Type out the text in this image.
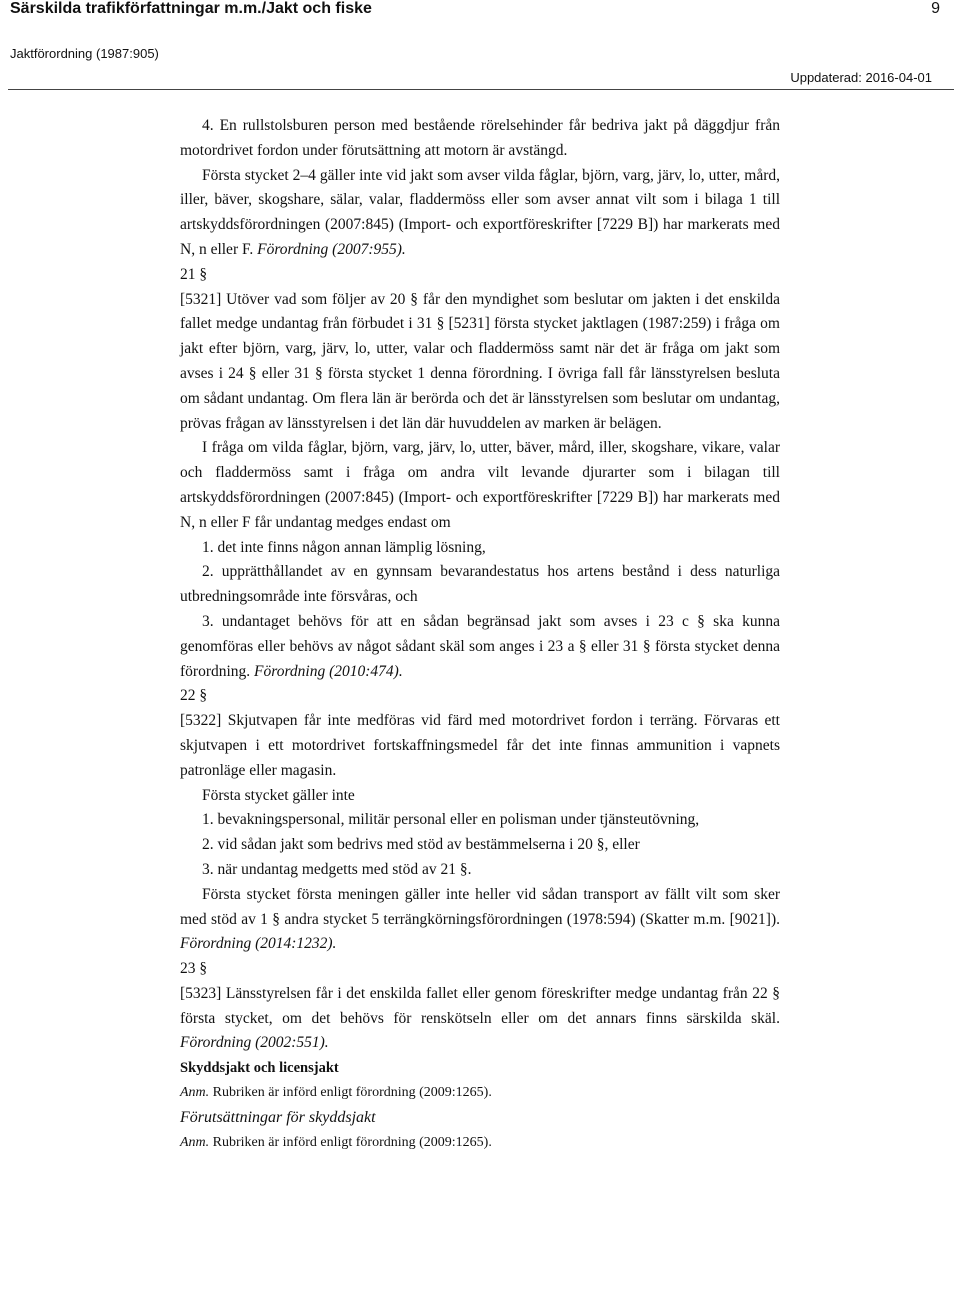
Särskilda trafikförfattningar m.m./Jakt och fiske	9
Jaktförordning (1987:905)
Uppdaterad: 2016-04-01

4. En rullstolsburen person med bestående rörelsehinder får bedriva jakt på däggdjur från motordrivet fordon under förutsättning att motorn är avstängd.

Första stycket 2–4 gäller inte vid jakt som avser vilda fåglar, björn, varg, järv, lo, utter, mård, iller, bäver, skogshare, sälar, valar, fladdermöss eller som avser annat vilt som i bilaga 1 till artskyddsförordningen (2007:845) (Import- och exportföreskrifter [7229 B]) har markerats med N, n eller F. Förordning (2007:955).

21 §

[5321] Utöver vad som följer av 20 § får den myndighet som beslutar om jakten i det enskilda fallet medge undantag från förbudet i 31 § [5231] första stycket jaktlagen (1987:259) i fråga om jakt efter björn, varg, järv, lo, utter, valar och fladdermöss samt när det är fråga om jakt som avses i 24 § eller 31 § första stycket 1 denna förordning. I övriga fall får länsstyrelsen besluta om sådant undantag. Om flera län är berörda och det är länsstyrelsen som beslutar om undantag, prövas frågan av länsstyrelsen i det län där huvuddelen av marken är belägen.

I fråga om vilda fåglar, björn, varg, järv, lo, utter, bäver, mård, iller, skogshare, vikare, valar och fladdermöss samt i fråga om andra vilt levande djurarter som i bilagan till artskyddsförordningen (2007:845) (Import- och exportföreskrifter [7229 B]) har markerats med N, n eller F får undantag medges endast om

1. det inte finns någon annan lämplig lösning,

2. upprätthållandet av en gynnsam bevarandestatus hos artens bestånd i dess naturliga utbredningsområde inte försvåras, och

3. undantaget behövs för att en sådan begränsad jakt som avses i 23 c § ska kunna genomföras eller behövs av något sådant skäl som anges i 23 a § eller 31 § första stycket denna förordning. Förordning (2010:474).

22 §

[5322] Skjutvapen får inte medföras vid färd med motordrivet fordon i terräng. Förvaras ett skjutvapen i ett motordrivet fortskaffningsmedel får det inte finnas ammunition i vapnets patronläge eller magasin.

Första stycket gäller inte

1. bevakningspersonal, militär personal eller en polisman under tjänsteutövning,

2. vid sådan jakt som bedrivs med stöd av bestämmelserna i 20 §, eller

3. när undantag medgetts med stöd av 21 §.

Första stycket första meningen gäller inte heller vid sådan transport av fällt vilt som sker med stöd av 1 § andra stycket 5 terrängkörningsförordningen (1978:594) (Skatter m.m. [9021]). Förordning (2014:1232).

23 §

[5323] Länsstyrelsen får i det enskilda fallet eller genom föreskrifter medge undantag från 22 § första stycket, om det behövs för renskötseln eller om det annars finns särskilda skäl. Förordning (2002:551).

Skyddsjakt och licensjakt

Anm. Rubriken är införd enligt förordning (2009:1265).

Förutsättningar för skyddsjakt

Anm. Rubriken är införd enligt förordning (2009:1265).
